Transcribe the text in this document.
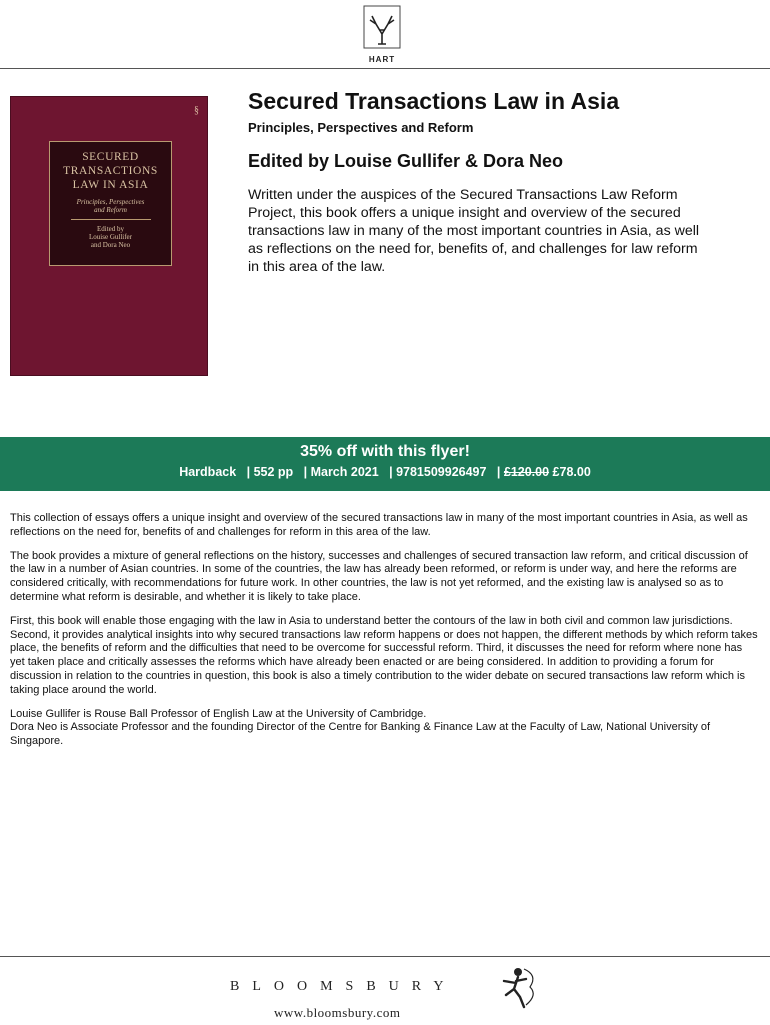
HART
§
SECURED
TRANSACTIONS
LAW IN ASIA
Principles, Perspectives
and Reform
Edited by
Louise Gullifer
and Dora Neo
Secured Transactions Law in Asia
Principles, Perspectives and Reform
Edited by Louise Gullifer & Dora Neo
Written under the auspices of the Secured Transactions Law Reform Project, this book offers a unique insight and overview of the secured transactions law in many of the most important countries in Asia, as well as reflections on the need for, benefits of, and challenges for law reform in this area of the law.
35% off with this flyer!
Hardback | 552 pp | March 2021 | 9781509926497 | £120.00 £78.00

This collection of essays offers a unique insight and overview of the secured transactions law in many of the most important countries in Asia, as well as reflections on the need for, benefits of and challenges for reform in this area of the law.

The book provides a mixture of general reflections on the history, successes and challenges of secured transaction law reform, and critical discussion of the law in a number of Asian countries. In some of the countries, the law has already been reformed, or reform is under way, and here the reforms are considered critically, with recommendations for future work. In other countries, the law is not yet reformed, and the existing law is analysed so as to determine what reform is desirable, and whether it is likely to take place.

First, this book will enable those engaging with the law in Asia to understand better the contours of the law in both civil and common law jurisdictions. Second, it provides analytical insights into why secured transactions law reform happens or does not happen, the different methods by which reform takes place, the benefits of reform and the difficulties that need to be overcome for successful reform. Third, it discusses the need for reform where none has yet taken place and critically assesses the reforms which have already been enacted or are being considered. In addition to providing a forum for discussion in relation to the countries in question, this book is also a timely contribution to the wider debate on secured transactions law reform which is taking place around the world.

Louise Gullifer is Rouse Ball Professor of English Law at the University of Cambridge.
Dora Neo is Associate Professor and the founding Director of the Centre for Banking & Finance Law at the Faculty of Law, National University of Singapore.

BLOOMSBURY
www.bloomsbury.com
